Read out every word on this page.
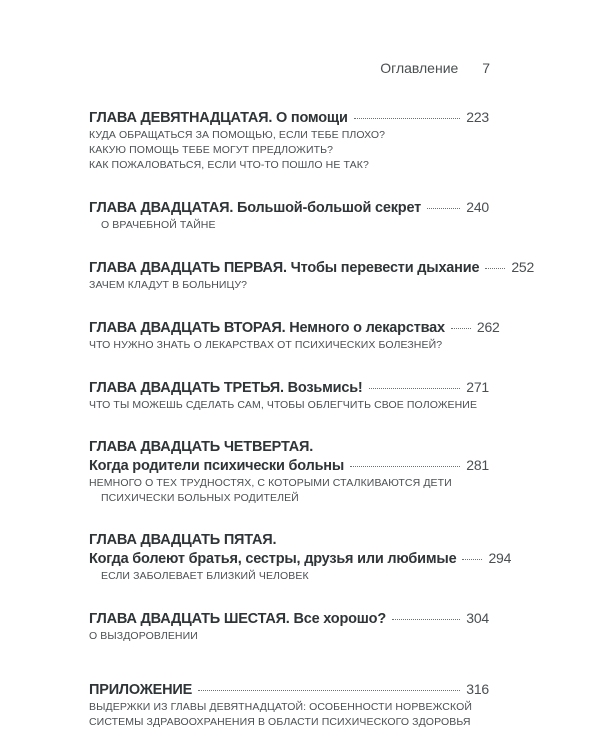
Оглавление 7
ГЛАВА ДЕВЯТНАДЦАТАЯ. О помощи	223
КУДА ОБРАЩАТЬСЯ ЗА ПОМОЩЬЮ, ЕСЛИ ТЕБЕ ПЛОХО?
КАКУЮ ПОМОЩЬ ТЕБЕ МОГУТ ПРЕДЛОЖИТЬ?
КАК ПОЖАЛОВАТЬСЯ, ЕСЛИ ЧТО-ТО ПОШЛО НЕ ТАК?
ГЛАВА ДВАДЦАТАЯ. Большой-большой секрет	240
О ВРАЧЕБНОЙ ТАЙНЕ
ГЛАВА ДВАДЦАТЬ ПЕРВАЯ. Чтобы перевести дыхание 252
ЗАЧЕМ КЛАДУТ В БОЛЬНИЦУ?
ГЛАВА ДВАДЦАТЬ ВТОРАЯ. Немного о лекарствах 262
ЧТО НУЖНО ЗНАТЬ О ЛЕКАРСТВАХ ОТ ПСИХИЧЕСКИХ БОЛЕЗНЕЙ?
ГЛАВА ДВАДЦАТЬ ТРЕТЬЯ. Возьмись!	271
ЧТО ТЫ МОЖЕШЬ СДЕЛАТЬ САМ, ЧТОБЫ ОБЛЕГЧИТЬ СВОЕ ПОЛОЖЕНИЕ
ГЛАВА ДВАДЦАТЬ ЧЕТВЕРТАЯ.
Когда родители психически больны	281
НЕМНОГО О ТЕХ ТРУДНОСТЯХ, С КОТОРЫМИ СТАЛКИВАЮТСЯ ДЕТИ
ПСИХИЧЕСКИ БОЛЬНЫХ РОДИТЕЛЕЙ
ГЛАВА ДВАДЦАТЬ ПЯТАЯ.
Когда болеют братья, сестры, друзья или любимые 294
ЕСЛИ ЗАБОЛЕВАЕТ БЛИЗКИЙ ЧЕЛОВЕК
ГЛАВА ДВАДЦАТЬ ШЕСТАЯ. Все хорошо?	304
О ВЫЗДОРОВЛЕНИИ
ПРИЛОЖЕНИЕ	316
ВЫДЕРЖКИ ИЗ ГЛАВЫ ДЕВЯТНАДЦАТОЙ: ОСОБЕННОСТИ НОРВЕЖСКОЙ
СИСТЕМЫ ЗДРАВООХРАНЕНИЯ В ОБЛАСТИ ПСИХИЧЕСКОГО ЗДОРОВЬЯ
